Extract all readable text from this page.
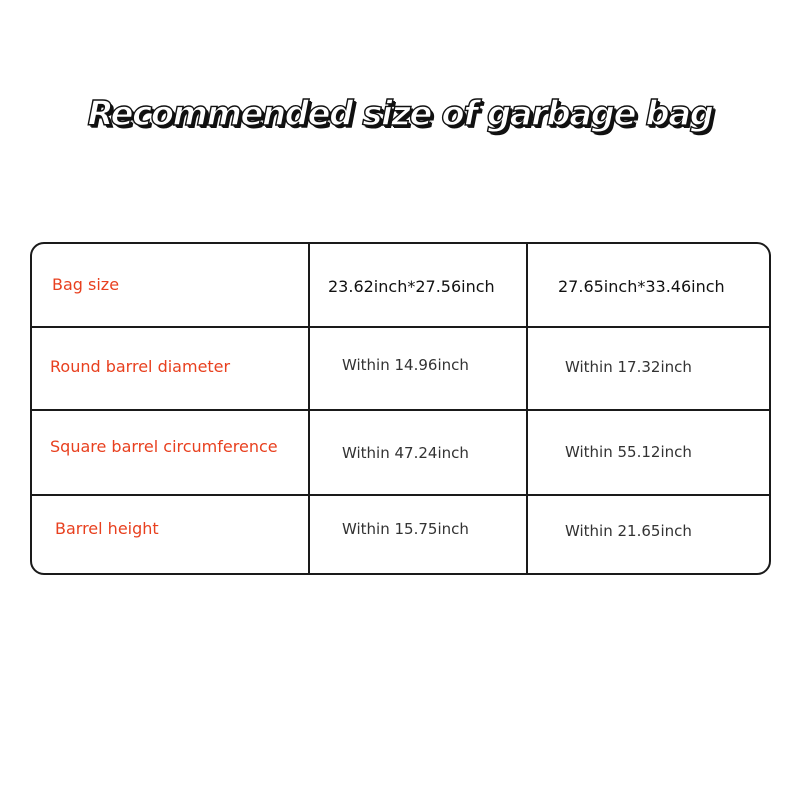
Recommended size of garbage bag
Bag size	23.62inch*27.56inch	27.65inch*33.46inch
Round barrel diameter	Within 14.96inch	Within 17.32inch
Square barrel circumference	Within 47.24inch	Within 55.12inch
Barrel height	Within 15.75inch	Within 21.65inch
